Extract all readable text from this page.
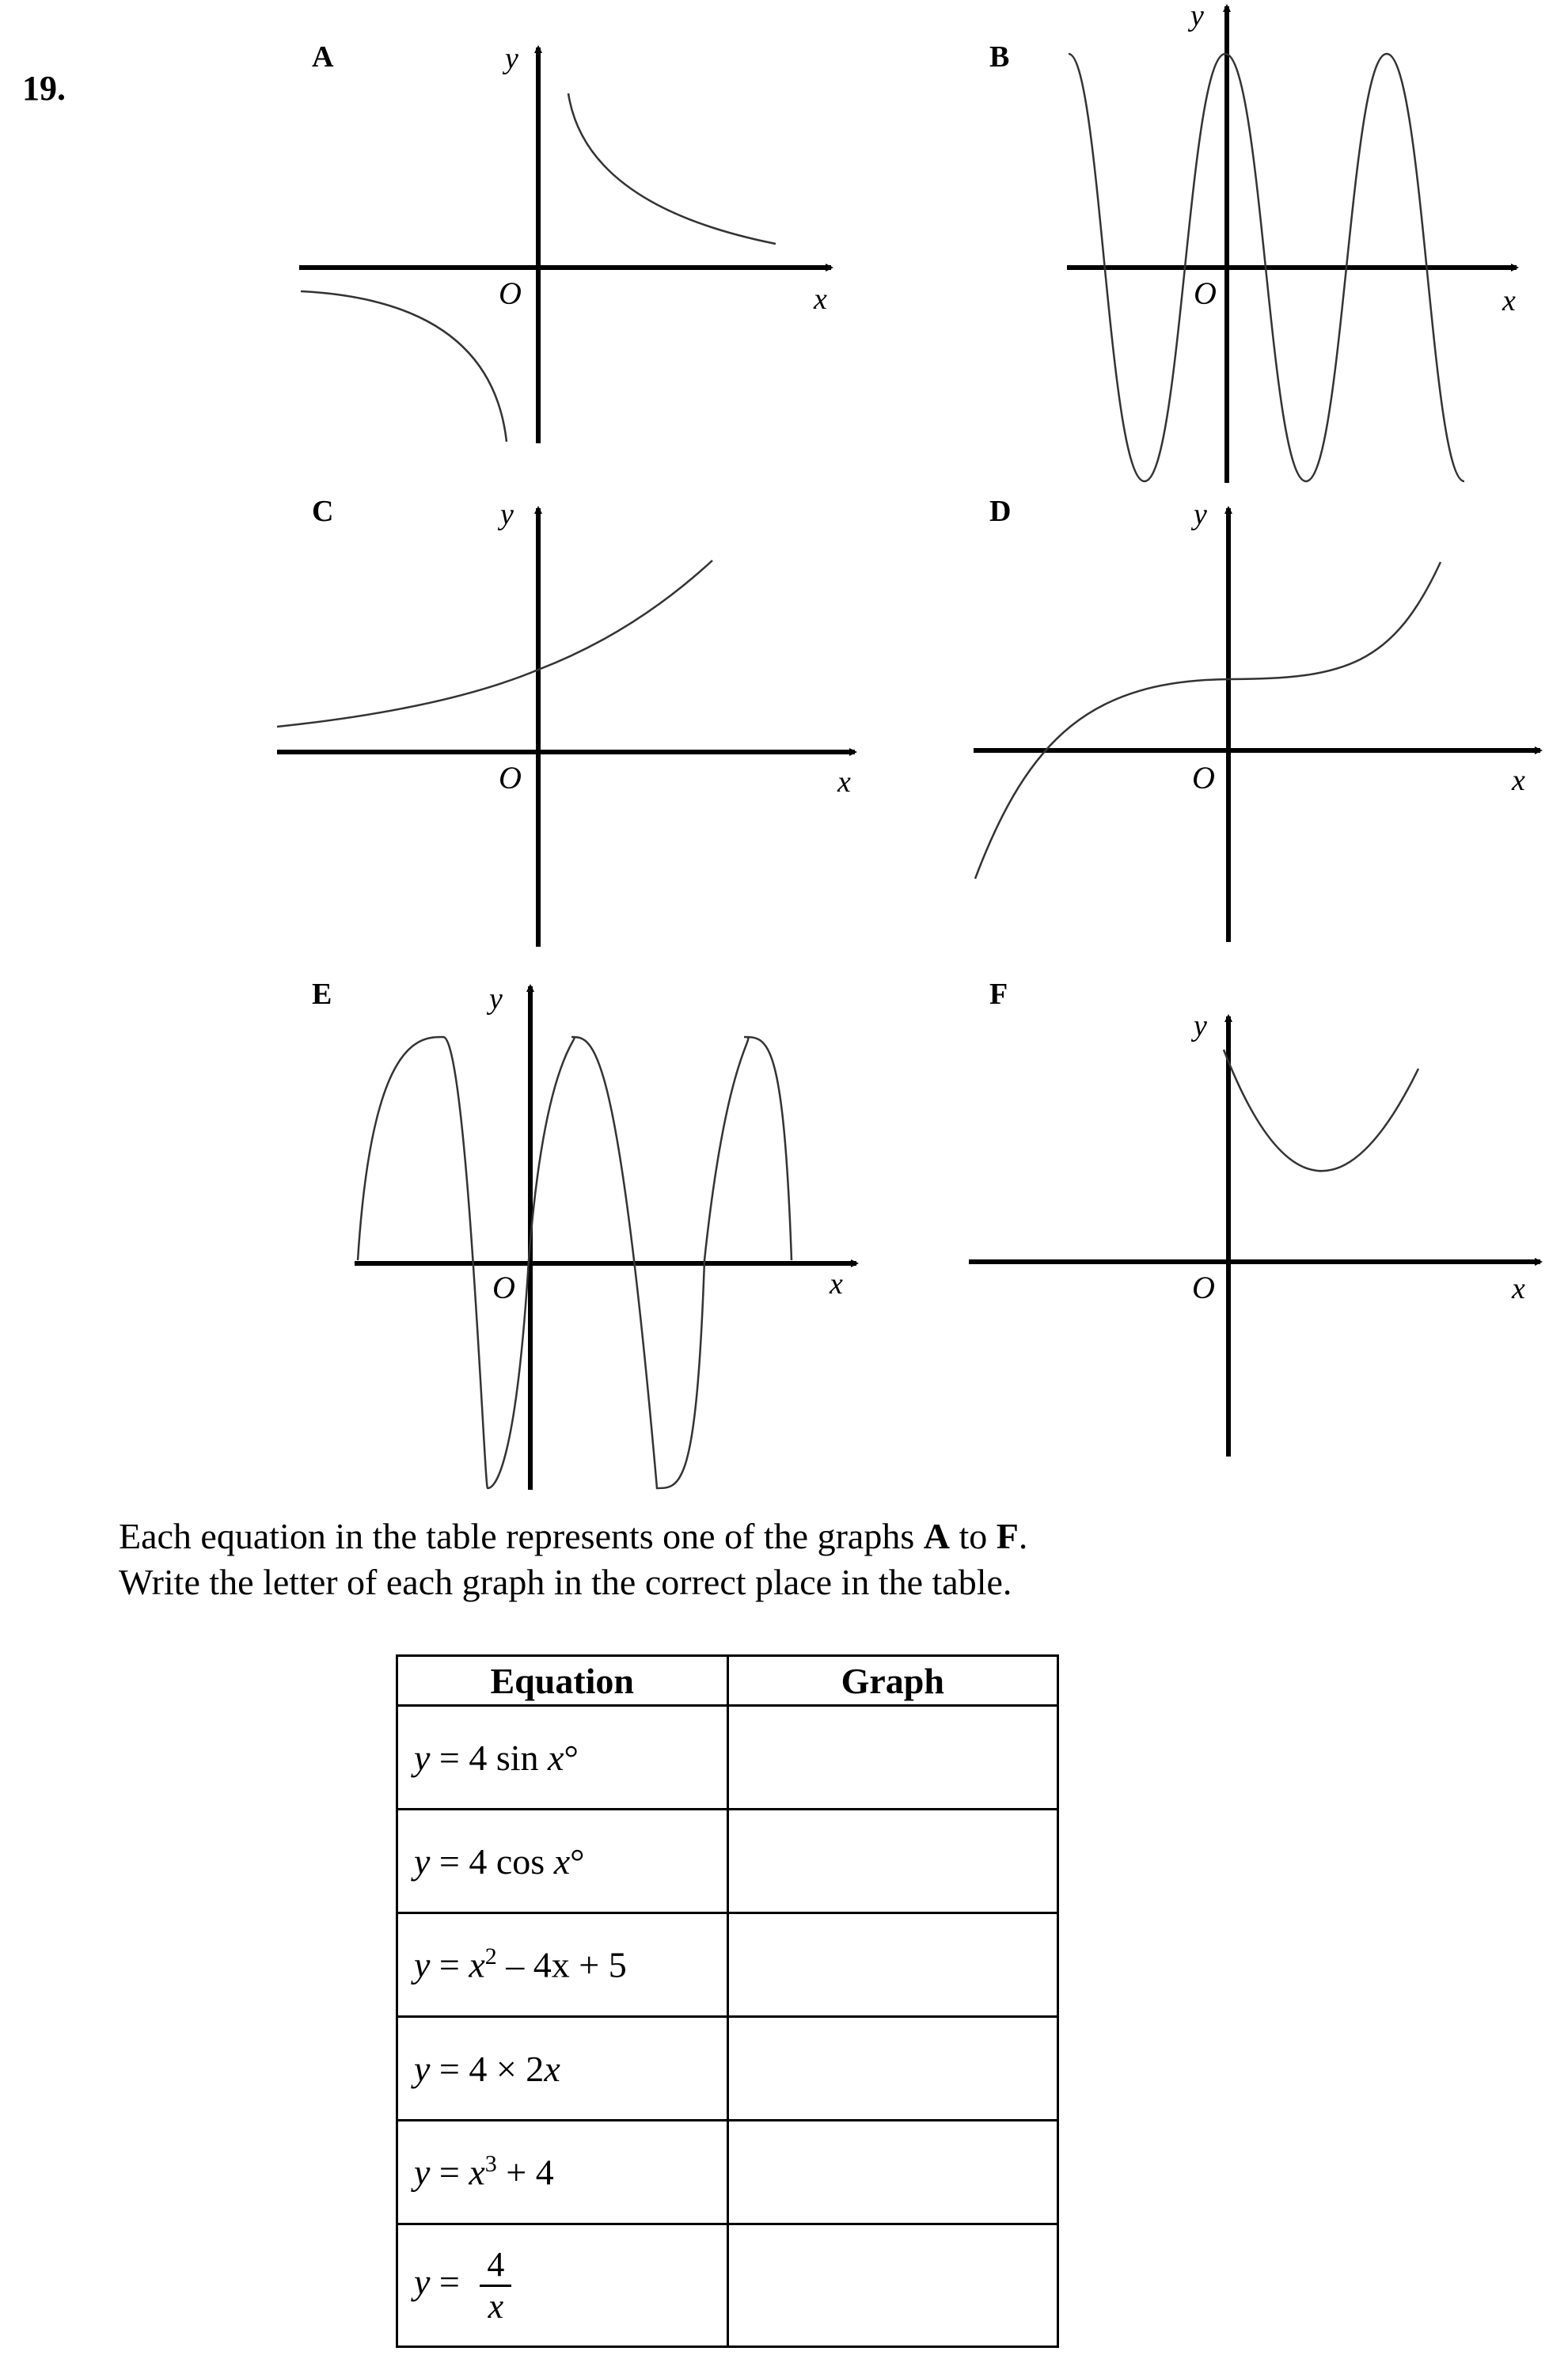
19.
A	y
x
O
B
y
x
O
C	y
x
O
D	y
x
O
E	y
x
O
F
y
x
O
Each equation in the table represents one of the graphs A to F.
Write the letter of each graph in the correct place in the table.
Equation	Graph
y = 4 sin x°	
y = 4 cos x°	
$y = x^2 - 4x + 5$	
y = 4 × 2x	
$y = x^3 + 4$	
$y = \frac{4}{x}$
